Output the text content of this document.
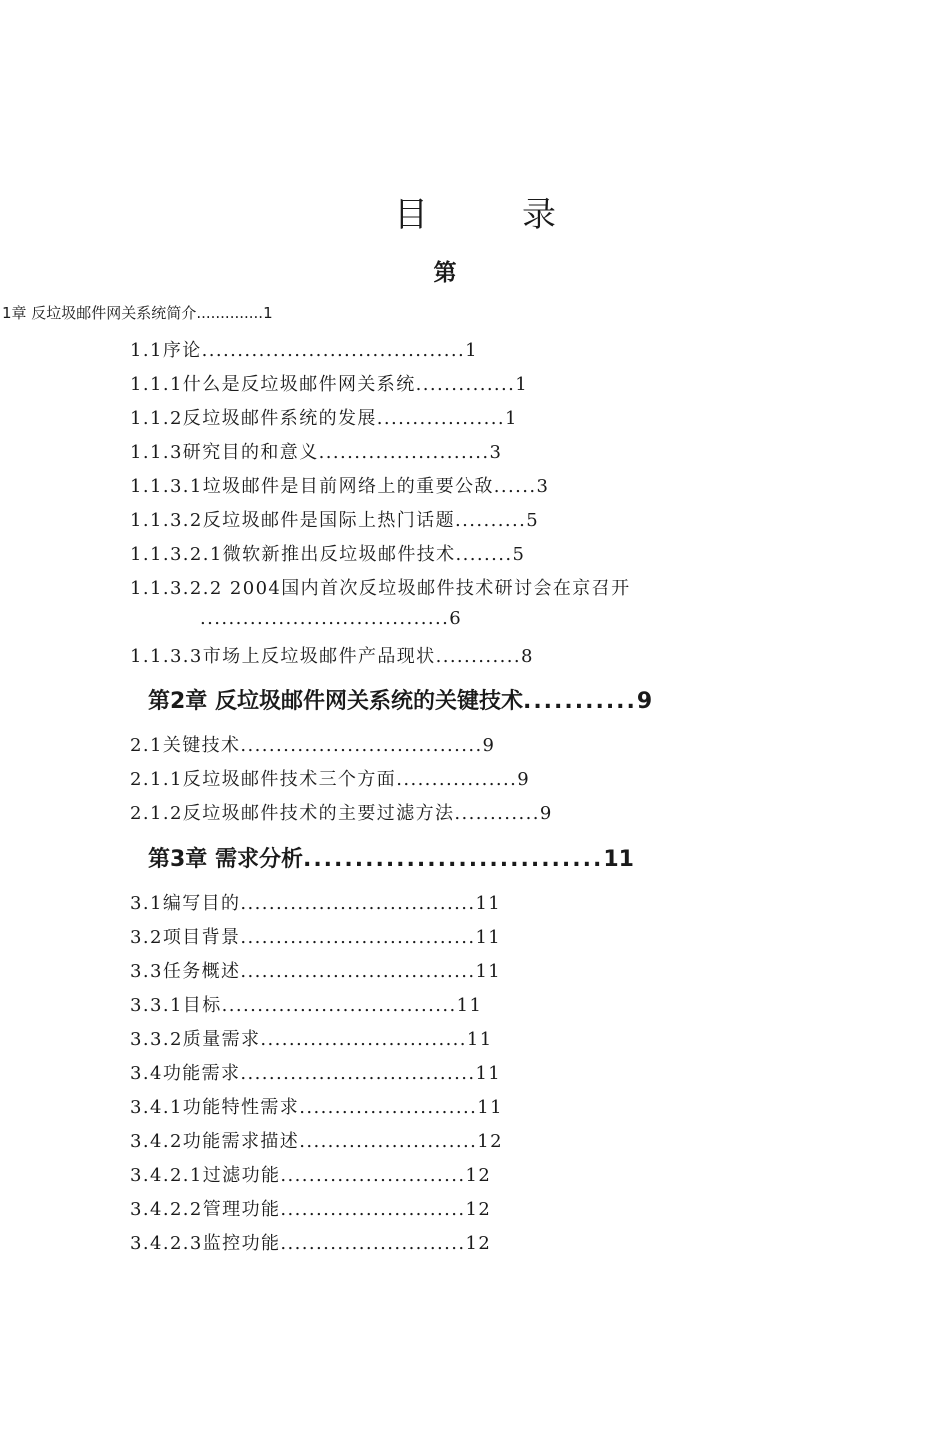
目　录
第
1章 反垃圾邮件网关系统简介..............1
1.1序论.....................................1
1.1.1什么是反垃圾邮件网关系统..............1
1.1.2反垃圾邮件系统的发展..................1
1.1.3研究目的和意义........................3
1.1.3.1垃圾邮件是目前网络上的重要公敌......3
1.1.3.2反垃圾邮件是国际上热门话题..........5
1.1.3.2.1微软新推出反垃圾邮件技术........5
1.1.3.2.2 2004国内首次反垃圾邮件技术研讨会在京召开
...................................6
1.1.3.3市场上反垃圾邮件产品现状............8
第2章 反垃圾邮件网关系统的关键技术...........9
2.1关键技术..................................9
2.1.1反垃圾邮件技术三个方面.................9
2.1.2反垃圾邮件技术的主要过滤方法............9
第3章 需求分析.............................11
3.1编写目的.................................11
3.2项目背景.................................11
3.3任务概述.................................11
3.3.1目标.................................11
3.3.2质量需求.............................11
3.4功能需求.................................11
3.4.1功能特性需求.........................11
3.4.2功能需求描述.........................12
3.4.2.1过滤功能..........................12
3.4.2.2管理功能..........................12
3.4.2.3监控功能..........................12
